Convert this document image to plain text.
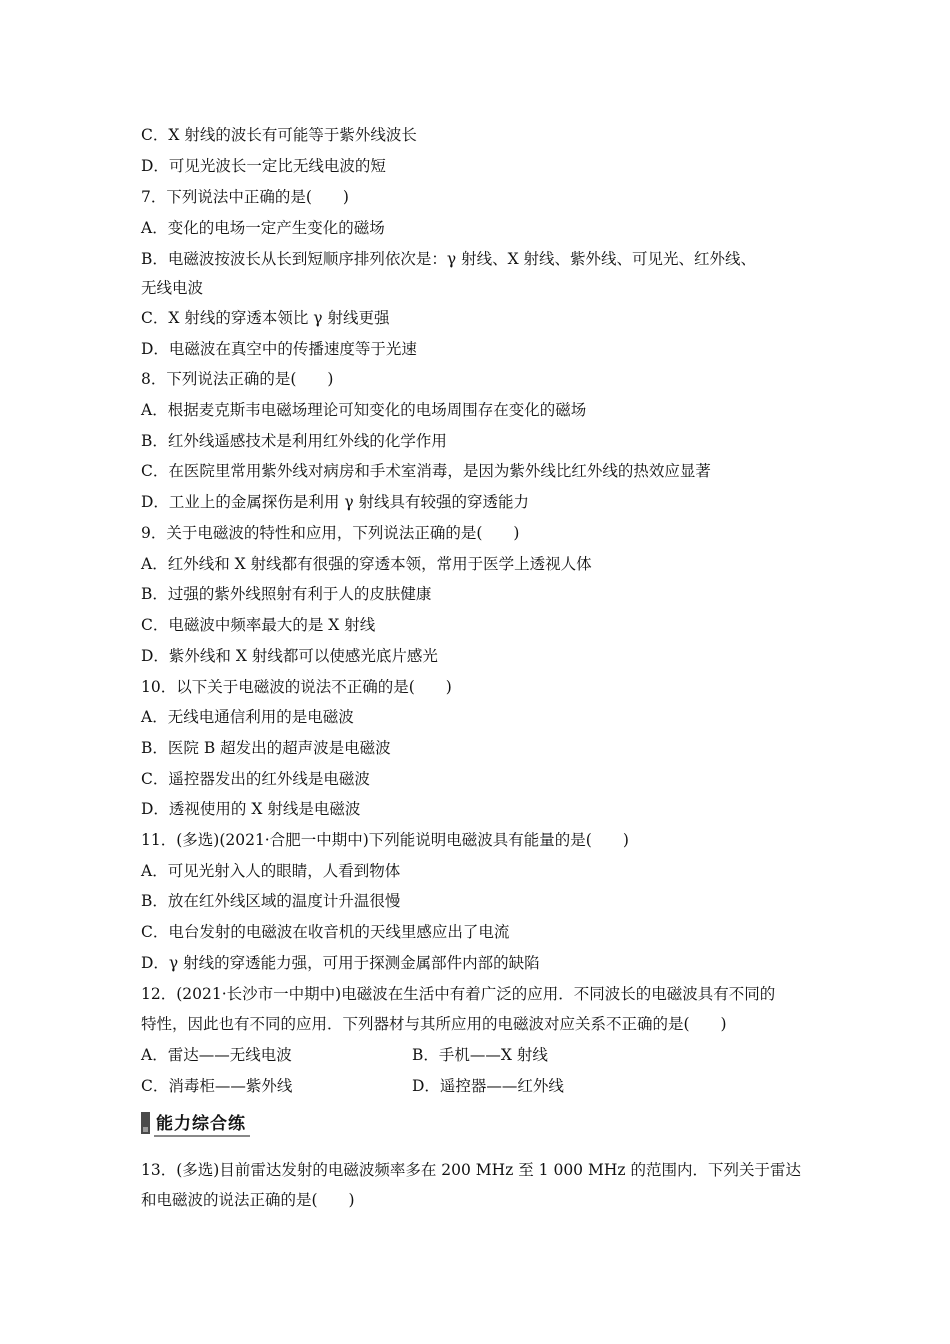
C．X 射线的波长有可能等于紫外线波长
D．可见光波长一定比无线电波的短
7．下列说法中正确的是(　　)
A．变化的电场一定产生变化的磁场
B．电磁波按波长从长到短顺序排列依次是：γ 射线、X 射线、紫外线、可见光、红外线、
无线电波
C．X 射线的穿透本领比 γ 射线更强
D．电磁波在真空中的传播速度等于光速
8．下列说法正确的是(　　)
A．根据麦克斯韦电磁场理论可知变化的电场周围存在变化的磁场
B．红外线遥感技术是利用红外线的化学作用
C．在医院里常用紫外线对病房和手术室消毒，是因为紫外线比红外线的热效应显著
D．工业上的金属探伤是利用 γ 射线具有较强的穿透能力
9．关于电磁波的特性和应用，下列说法正确的是(　　)
A．红外线和 X 射线都有很强的穿透本领，常用于医学上透视人体
B．过强的紫外线照射有利于人的皮肤健康
C．电磁波中频率最大的是 X 射线
D．紫外线和 X 射线都可以使感光底片感光
10．以下关于电磁波的说法不正确的是(　　)
A．无线电通信利用的是电磁波
B．医院 B 超发出的超声波是电磁波
C．遥控器发出的红外线是电磁波
D．透视使用的 X 射线是电磁波
11．(多选)(2021·合肥一中期中)下列能说明电磁波具有能量的是(　　)
A．可见光射入人的眼睛，人看到物体
B．放在红外线区域的温度计升温很慢
C．电台发射的电磁波在收音机的天线里感应出了电流
D．γ 射线的穿透能力强，可用于探测金属部件内部的缺陷
12．(2021·长沙市一中期中)电磁波在生活中有着广泛的应用．不同波长的电磁波具有不同的
特性，因此也有不同的应用．下列器材与其所应用的电磁波对应关系不正确的是(　　)
A．雷达——无线电波	B．手机——X 射线
C．消毒柜——紫外线	D．遥控器——红外线
能力综合练
13．(多选)目前雷达发射的电磁波频率多在 200 MHz 至 1 000 MHz 的范围内．下列关于雷达
和电磁波的说法正确的是(　　)
